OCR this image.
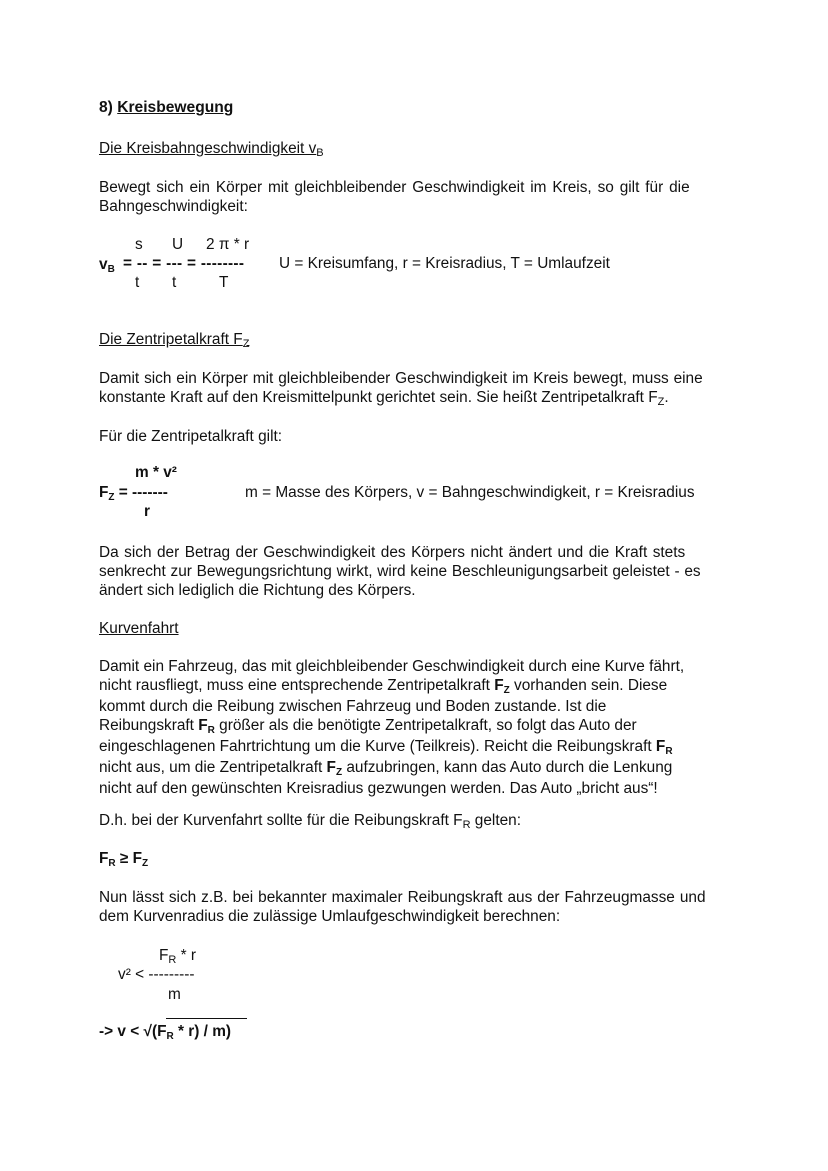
8) Kreisbewegung
Die Kreisbahngeschwindigkeit vB
Bewegt sich ein Körper mit gleichbleibender Geschwindigkeit im Kreis, so gilt für die
Bahngeschwindigkeit:
s U 2 π * r
vB = -- = --- = --------
t t	T
U = Kreisumfang, r = Kreisradius, T = Umlaufzeit
Die Zentripetalkraft FZ
Damit sich ein Körper mit gleichbleibender Geschwindigkeit im Kreis bewegt, muss eine
konstante Kraft auf den Kreismittelpunkt gerichtet sein. Sie heißt Zentripetalkraft FZ.
Für die Zentripetalkraft gilt:
m * v²
FZ = -------
r
m = Masse des Körpers, v = Bahngeschwindigkeit, r = Kreisradius
Da sich der Betrag der Geschwindigkeit des Körpers nicht ändert und die Kraft stets
senkrecht zur Bewegungsrichtung wirkt, wird keine Beschleunigungsarbeit geleistet - es
ändert sich lediglich die Richtung des Körpers.
Kurvenfahrt
Damit ein Fahrzeug, das mit gleichbleibender Geschwindigkeit durch eine Kurve fährt,
nicht rausfliegt, muss eine entsprechende Zentripetalkraft FZ vorhanden sein. Diese
kommt durch die Reibung zwischen Fahrzeug und Boden zustande. Ist die
Reibungskraft FR größer als die benötigte Zentripetalkraft, so folgt das Auto der
eingeschlagenen Fahrtrichtung um die Kurve (Teilkreis). Reicht die Reibungskraft FR
nicht aus, um die Zentripetalkraft FZ aufzubringen, kann das Auto durch die Lenkung
nicht auf den gewünschten Kreisradius gezwungen werden. Das Auto „bricht aus“!
D.h. bei der Kurvenfahrt sollte für die Reibungskraft FR gelten:
FR ≥ FZ
Nun lässt sich z.B. bei bekannter maximaler Reibungskraft aus der Fahrzeugmasse und
dem Kurvenradius die zulässige Umlaufgeschwindigkeit berechnen:
FR * r
v² < ---------
m
-> v < √(FR * r) / m)
